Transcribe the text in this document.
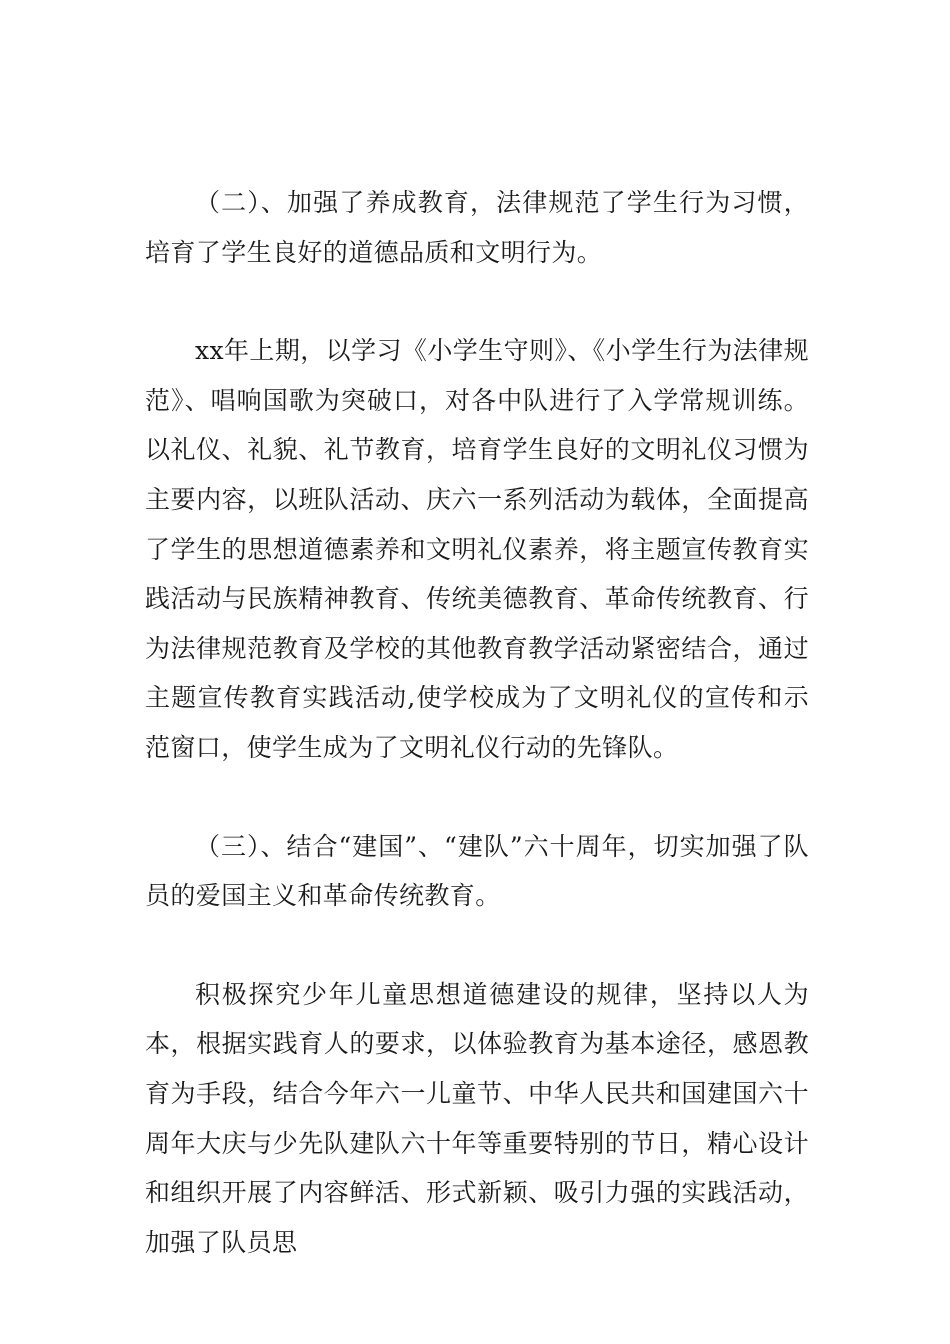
（二）、加强了养成教育，法律规范了学生行为习惯，培育了学生良好的道德品质和文明行为。

xx年上期，以学习《小学生守则》、《小学生行为法律规范》、唱响国歌为突破口，对各中队进行了入学常规训练。以礼仪、礼貌、礼节教育，培育学生良好的文明礼仪习惯为主要内容，以班队活动、庆六一系列活动为载体，全面提高了学生的思想道德素养和文明礼仪素养，将主题宣传教育实践活动与民族精神教育、传统美德教育、革命传统教育、行为法律规范教育及学校的其他教育教学活动紧密结合，通过主题宣传教育实践活动,使学校成为了文明礼仪的宣传和示范窗口，使学生成为了文明礼仪行动的先锋队。

（三）、结合“建国”、“建队”六十周年，切实加强了队员的爱国主义和革命传统教育。

积极探究少年儿童思想道德建设的规律，坚持以人为本，根据实践育人的要求，以体验教育为基本途径，感恩教育为手段，结合今年六一儿童节、中华人民共和国建国六十周年大庆与少先队建队六十年等重要特别的节日，精心设计和组织开展了内容鲜活、形式新颖、吸引力强的实践活动，加强了队员思
